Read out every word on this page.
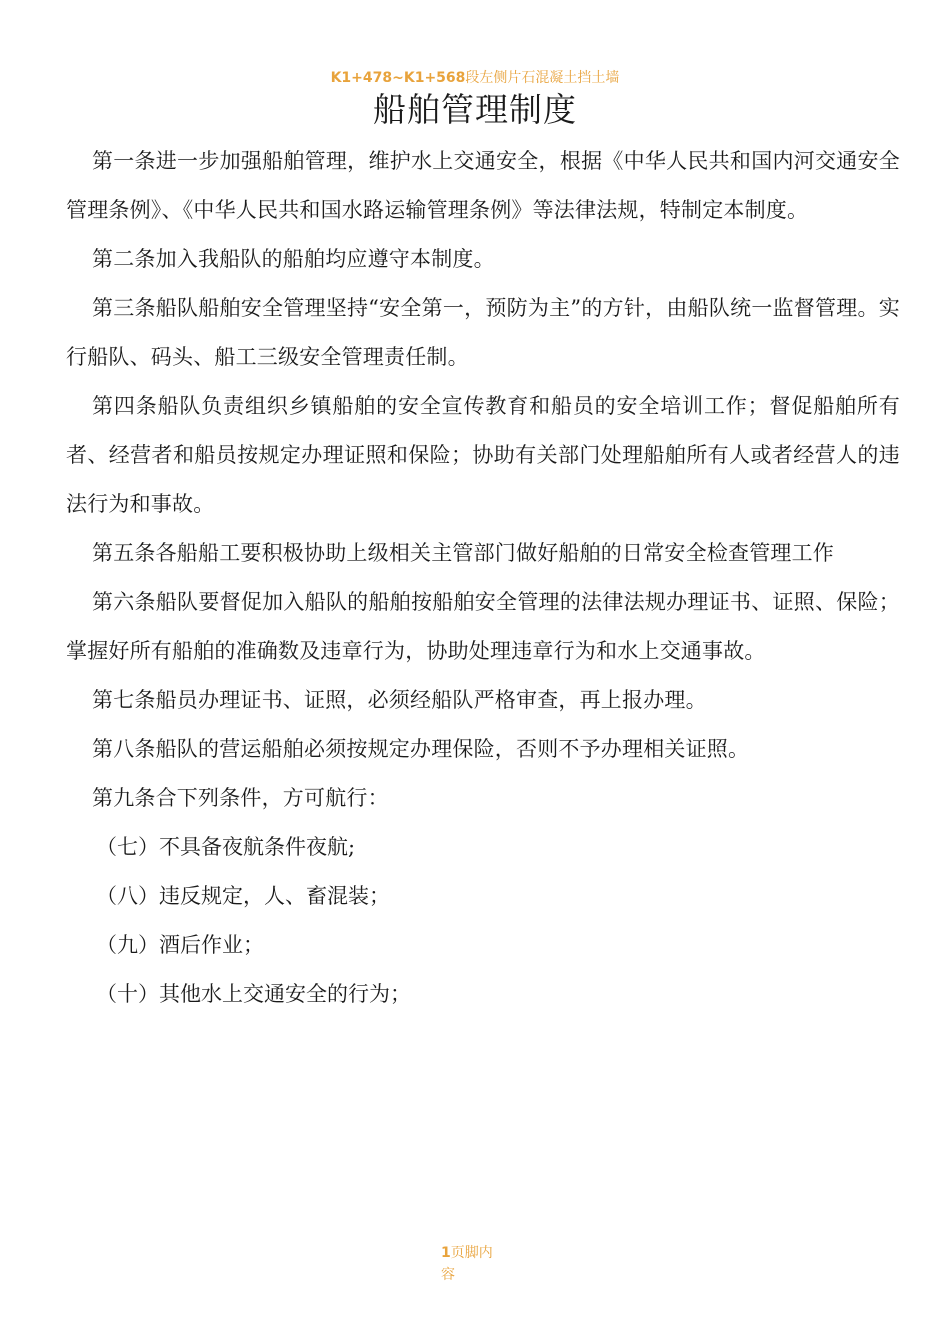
K1+478~K1+568段左侧片石混凝土挡土墙
船舶管理制度

第一条进一步加强船舶管理，维护水上交通安全，根据《中华人民共和国内河交通安全管理条例》、《中华人民共和国水路运输管理条例》等法律法规，特制定本制度。

第二条加入我船队的船舶均应遵守本制度。

第三条船队船舶安全管理坚持“安全第一，预防为主”的方针，由船队统一监督管理。实行船队、码头、船工三级安全管理责任制。

第四条船队负责组织乡镇船舶的安全宣传教育和船员的安全培训工作；督促船舶所有者、经营者和船员按规定办理证照和保险；协助有关部门处理船舶所有人或者经营人的违法行为和事故。

第五条各船船工要积极协助上级相关主管部门做好船舶的日常安全检查管理工作

第六条船队要督促加入船队的船舶按船舶安全管理的法律法规办理证书、证照、保险；掌握好所有船舶的准确数及违章行为，协助处理违章行为和水上交通事故。

第七条船员办理证书、证照，必须经船队严格审查，再上报办理。

第八条船队的营运船舶必须按规定办理保险，否则不予办理相关证照。

第九条合下列条件，方可航行：

（七）不具备夜航条件夜航;

（八）违反规定，人、畜混装；

（九）酒后作业；

（十）其他水上交通安全的行为；

1页脚内
容
